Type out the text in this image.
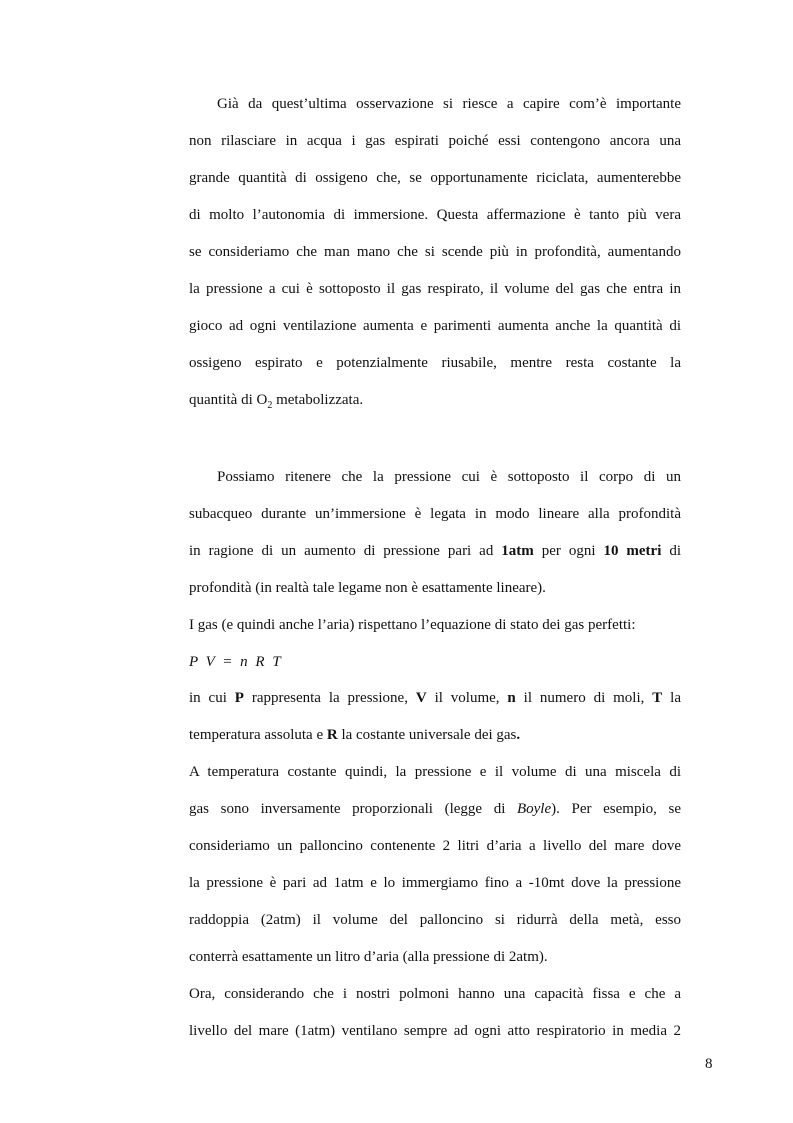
Già da quest’ultima osservazione si riesce a capire com’è importante
non rilasciare in acqua i gas espirati poiché essi contengono ancora una
grande quantità di ossigeno che, se opportunamente riciclata, aumenterebbe
di molto l’autonomia di immersione. Questa affermazione è tanto più vera
se consideriamo che man mano che si scende più in profondità, aumentando
la pressione a cui è sottoposto il gas respirato, il volume del gas che entra in
gioco ad ogni ventilazione aumenta e parimenti aumenta anche la quantità di
ossigeno espirato e potenzialmente riusabile, mentre resta costante la
quantità di $O_2$ metabolizzata.
Possiamo ritenere che la pressione cui è sottoposto il corpo di un
subacqueo durante un’immersione è legata in modo lineare alla profondità
in ragione di un aumento di pressione pari ad 1atm per ogni 10 metri di
profondità (in realtà tale legame non è esattamente lineare).
I gas (e quindi anche l’aria) rispettano l’equazione di stato dei gas perfetti:
P V = n R T
in cui P rappresenta la pressione, V il volume, n il numero di moli, T la
temperatura assoluta e R la costante universale dei gas.
A temperatura costante quindi, la pressione e il volume di una miscela di
gas sono inversamente proporzionali (legge di Boyle). Per esempio, se
consideriamo un palloncino contenente 2 litri d’aria a livello del mare dove
la pressione è pari ad 1atm e lo immergiamo fino a -10mt dove la pressione
raddoppia (2atm) il volume del palloncino si ridurrà della metà, esso
conterrà esattamente un litro d’aria (alla pressione di 2atm).
Ora, considerando che i nostri polmoni hanno una capacità fissa e che a
livello del mare (1atm) ventilano sempre ad ogni atto respiratorio in media 2
8
